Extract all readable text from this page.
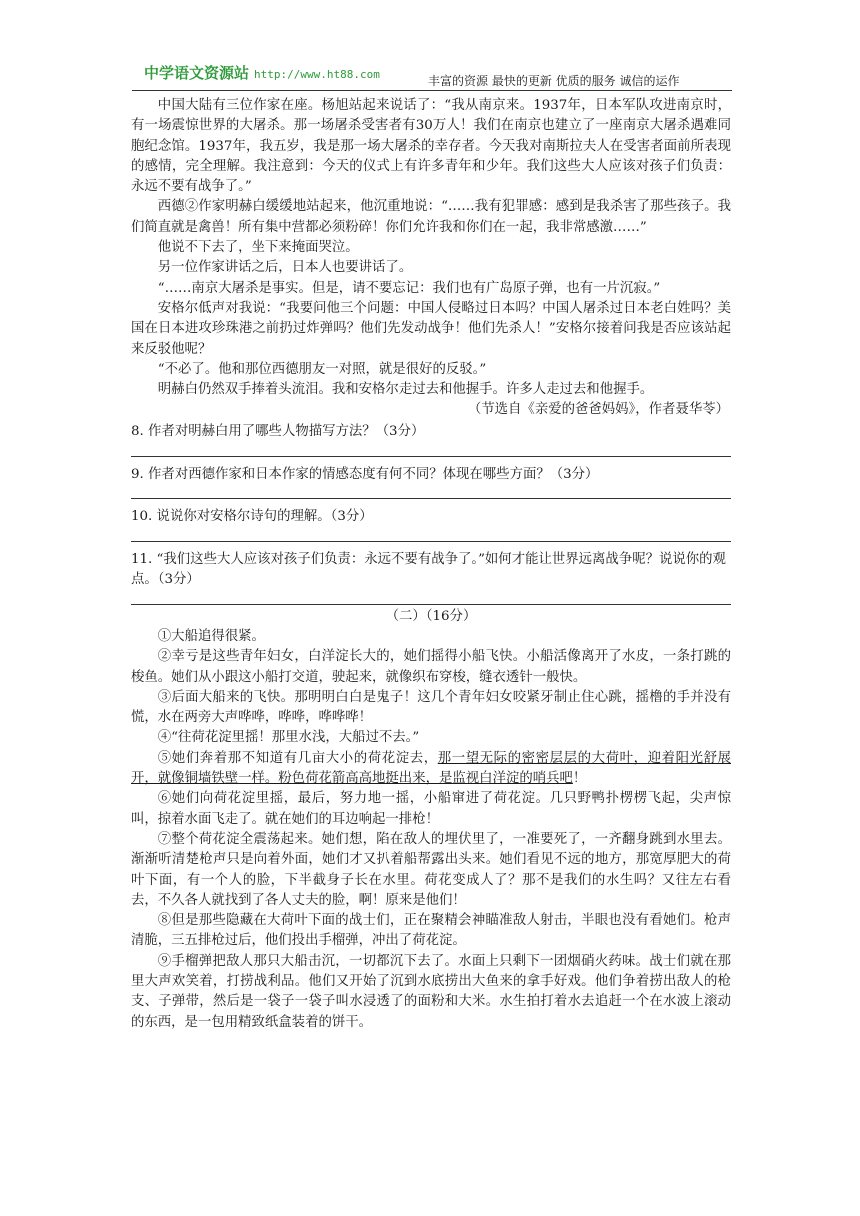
中学语文资源站 http://www.ht88.com	丰富的资源 最快的更新 优质的服务 诚信的运作

中国大陆有三位作家在座。杨旭站起来说话了：“我从南京来。1937年，日本军队攻进南京时，有一场震惊世界的大屠杀。那一场屠杀受害者有30万人！我们在南京也建立了一座南京大屠杀遇难同胞纪念馆。1937年，我五岁，我是那一场大屠杀的幸存者。今天我对南斯拉夫人在受害者面前所表现的感情，完全理解。我注意到：今天的仪式上有许多青年和少年。我们这些大人应该对孩子们负责：永远不要有战争了。”

西德②作家明赫白缓缓地站起来，他沉重地说：“……我有犯罪感：感到是我杀害了那些孩子。我们简直就是禽兽！所有集中营都必须粉碎！你们允许我和你们在一起，我非常感激……”

他说不下去了，坐下来掩面哭泣。

另一位作家讲话之后，日本人也要讲话了。

“……南京大屠杀是事实。但是，请不要忘记：我们也有广岛原子弹，也有一片沉寂。”

安格尔低声对我说：“我要问他三个问题：中国人侵略过日本吗？中国人屠杀过日本老白姓吗？美国在日本进攻珍珠港之前扔过炸弹吗？他们先发动战争！他们先杀人！”安格尔接着问我是否应该站起来反驳他呢？

“不必了。他和那位西德朋友一对照，就是很好的反驳。”

明赫白仍然双手捧着头流泪。我和安格尔走过去和他握手。许多人走过去和他握手。

（节选自《亲爱的爸爸妈妈》，作者聂华苓）

8. 作者对明赫白用了哪些人物描写方法？（3分）

9. 作者对西德作家和日本作家的情感态度有何不同？体现在哪些方面？（3分）

10. 说说你对安格尔诗句的理解。（3分）

11. “我们这些大人应该对孩子们负责：永远不要有战争了。”如何才能让世界远离战争呢？说说你的观点。（3分）

（二）（16分）

①大船追得很紧。

②幸亏是这些青年妇女，白洋淀长大的，她们摇得小船飞快。小船活像离开了水皮，一条打跳的梭鱼。她们从小跟这小船打交道，驶起来，就像织布穿梭，缝衣透针一般快。

③后面大船来的飞快。那明明白白是鬼子！这几个青年妇女咬紧牙制止住心跳，摇橹的手并没有慌，水在两旁大声哗哗，哗哗，哗哗哗！

④“往荷花淀里摇！那里水浅，大船过不去。”

⑤她们奔着那不知道有几亩大小的荷花淀去，那一望无际的密密层层的大荷叶，迎着阳光舒展开，就像铜墙铁壁一样。粉色荷花箭高高地挺出来，是监视白洋淀的哨兵吧！

⑥她们向荷花淀里摇，最后，努力地一摇，小船窜进了荷花淀。几只野鸭扑楞楞飞起，尖声惊叫，掠着水面飞走了。就在她们的耳边响起一排枪！

⑦整个荷花淀全震荡起来。她们想，陷在敌人的埋伏里了，一准要死了，一齐翻身跳到水里去。渐渐听清楚枪声只是向着外面，她们才又扒着船帮露出头来。她们看见不远的地方，那宽厚肥大的荷叶下面，有一个人的脸，下半截身子长在水里。荷花变成人了？那不是我们的水生吗？又往左右看去，不久各人就找到了各人丈夫的脸，啊！原来是他们！

⑧但是那些隐藏在大荷叶下面的战士们，正在聚精会神瞄准敌人射击，半眼也没有看她们。枪声清脆，三五排枪过后，他们投出手榴弹，冲出了荷花淀。

⑨手榴弹把敌人那只大船击沉，一切都沉下去了。水面上只剩下一团烟硝火药味。战士们就在那里大声欢笑着，打捞战利品。他们又开始了沉到水底捞出大鱼来的拿手好戏。他们争着捞出敌人的枪支、子弹带，然后是一袋子一袋子叫水浸透了的面粉和大米。水生拍打着水去追赶一个在水波上滚动的东西，是一包用精致纸盒装着的饼干。
